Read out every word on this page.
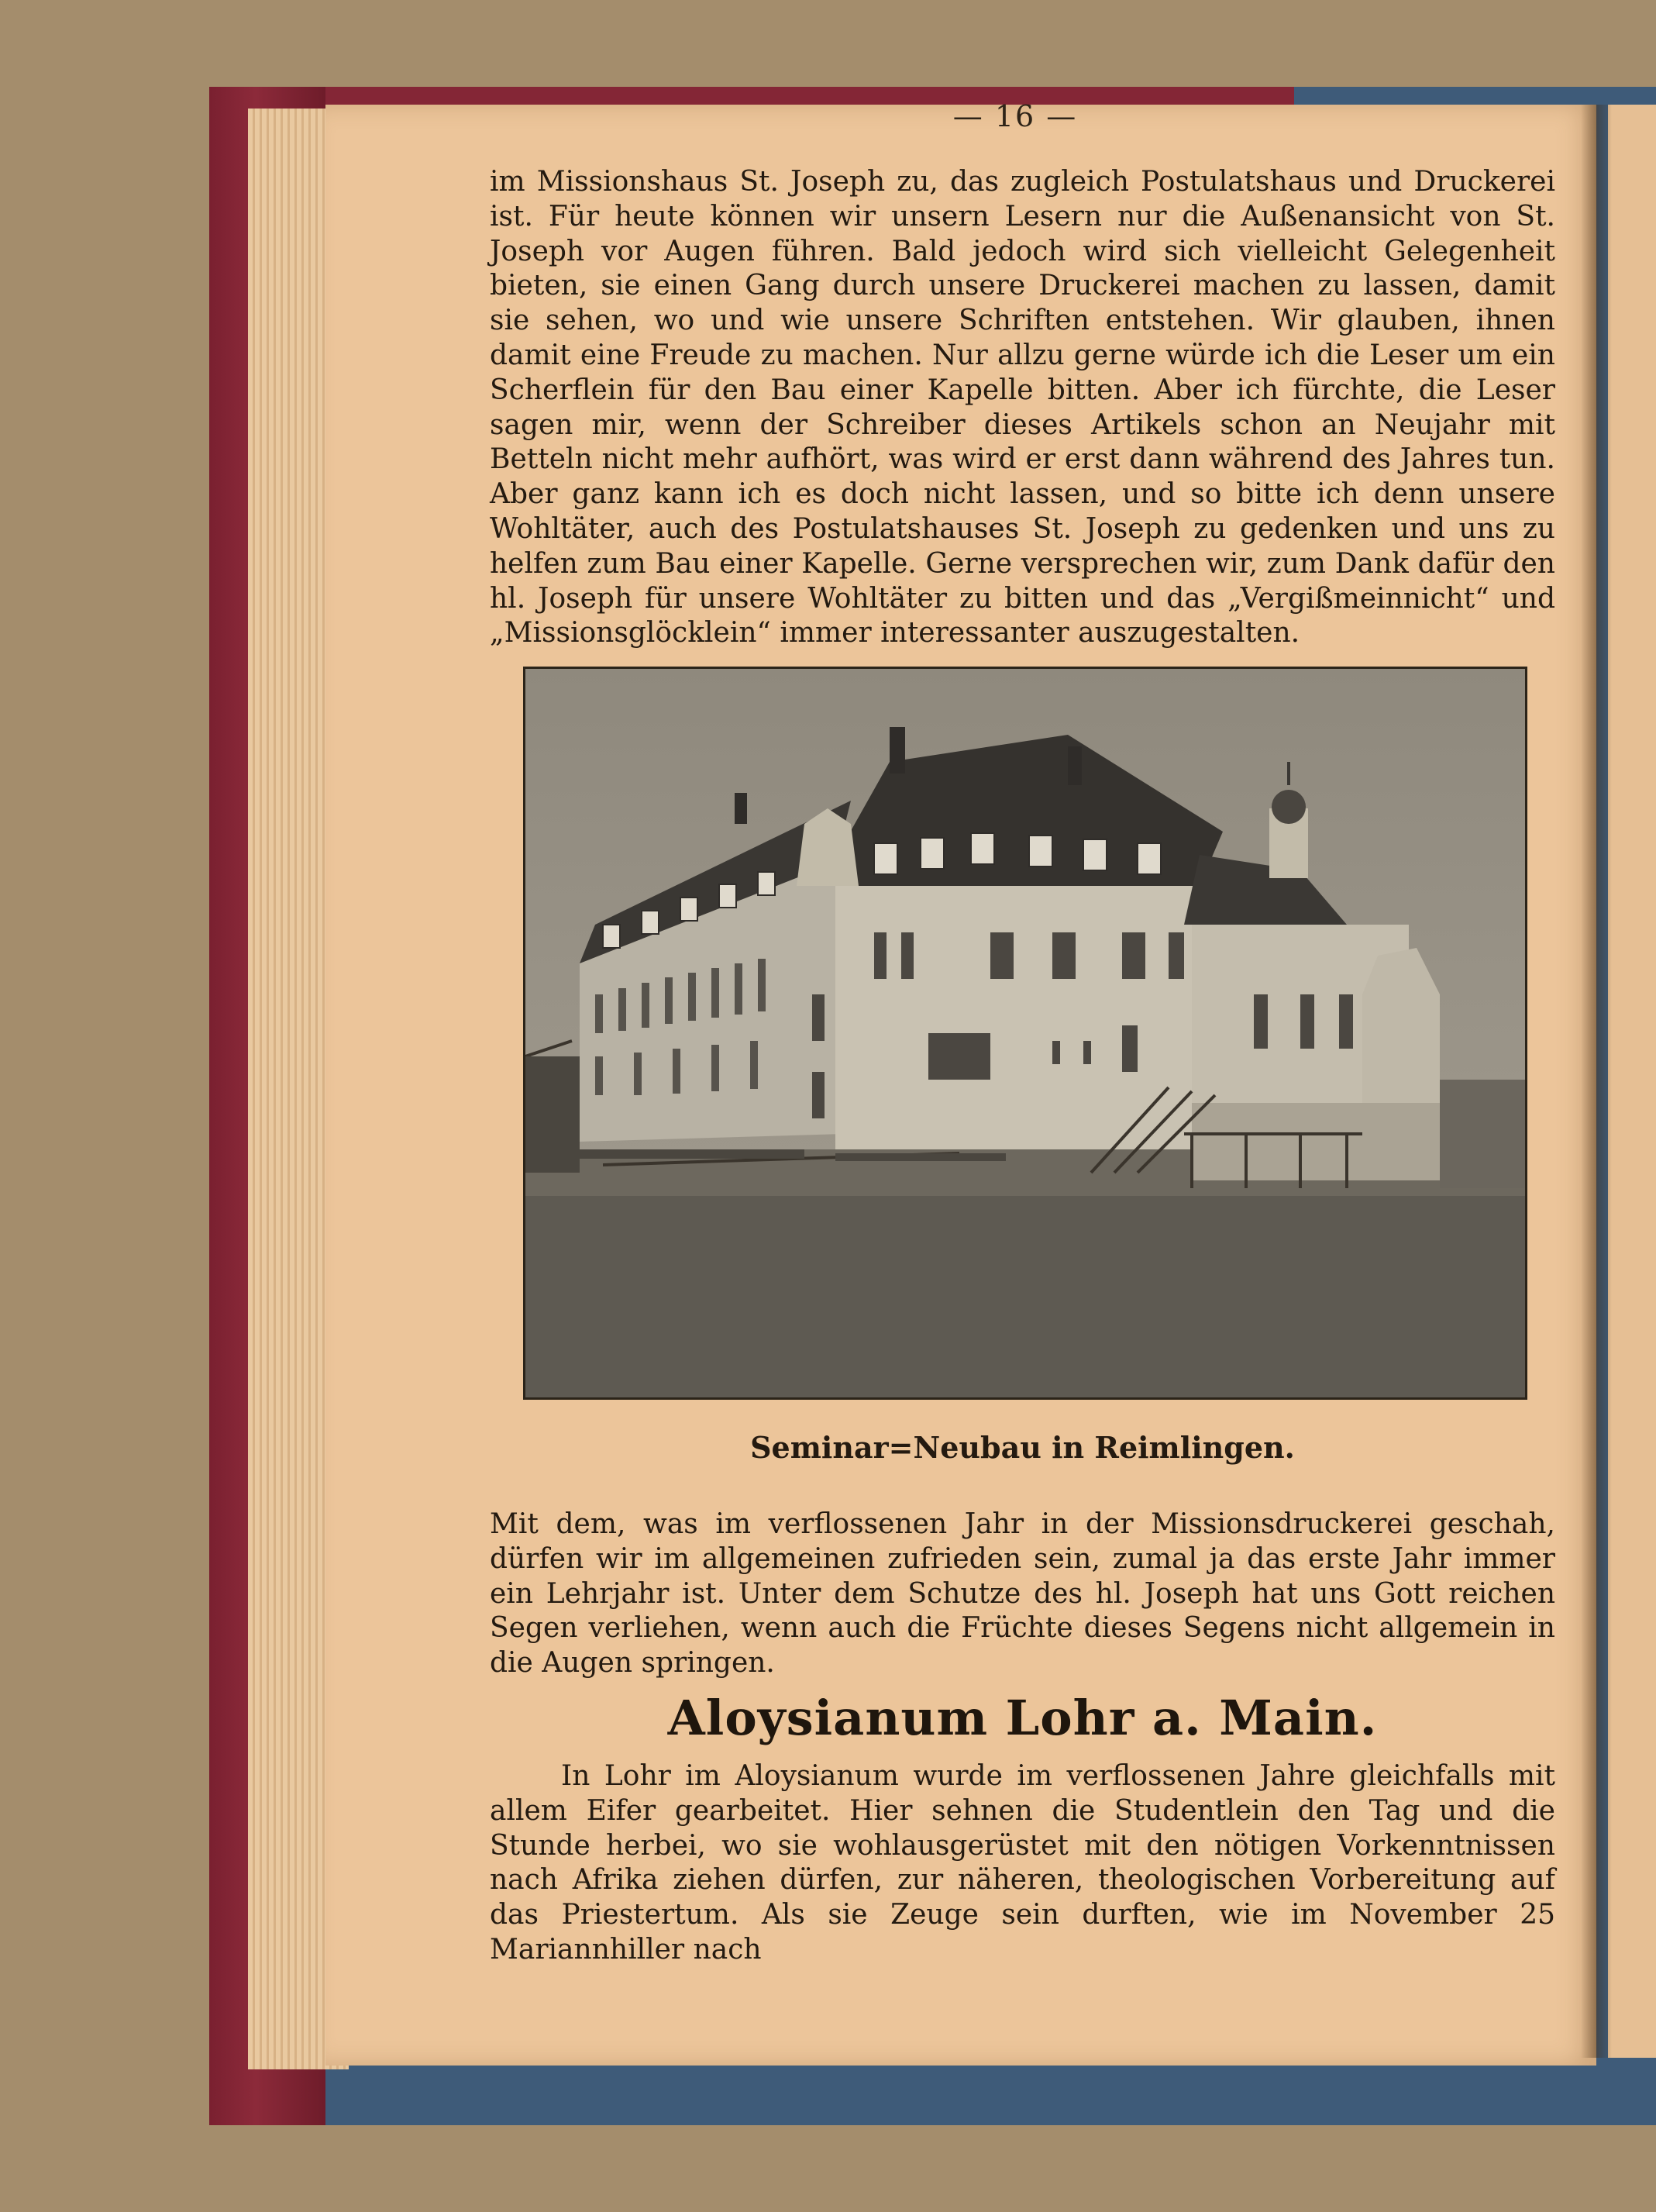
— 16 —

im Missionshaus St. Joseph zu, das zugleich Postulatshaus und Druckerei ist. Für heute können wir unsern Lesern nur die Außenansicht von St. Joseph vor Augen führen. Bald jedoch wird sich vielleicht Gelegenheit bieten, sie einen Gang durch unsere Druckerei machen zu lassen, damit sie sehen, wo und wie unsere Schriften entstehen. Wir glauben, ihnen damit eine Freude zu machen. Nur allzu gerne würde ich die Leser um ein Scherflein für den Bau einer Kapelle bitten. Aber ich fürchte, die Leser sagen mir, wenn der Schreiber dieses Artikels schon an Neujahr mit Betteln nicht mehr aufhört, was wird er erst dann während des Jahres tun. Aber ganz kann ich es doch nicht lassen, und so bitte ich denn unsere Wohltäter, auch des Postulatshauses St. Joseph zu gedenken und uns zu helfen zum Bau einer Kapelle. Gerne versprechen wir, zum Dank dafür den hl. Joseph für unsere Wohltäter zu bitten und das „Vergißmeinnicht“ und „Missionsglöcklein“ immer interessanter auszugestalten.

Seminar=Neubau in Reimlingen.

Mit dem, was im verflossenen Jahr in der Missionsdruckerei geschah, dürfen wir im allgemeinen zufrieden sein, zumal ja das erste Jahr immer ein Lehrjahr ist. Unter dem Schutze des hl. Joseph hat uns Gott reichen Segen verliehen, wenn auch die Früchte dieses Segens nicht allgemein in die Augen springen.

Aloysianum Lohr a. Main.

In Lohr im Aloysianum wurde im verflossenen Jahre gleichfalls mit allem Eifer gearbeitet. Hier sehnen die Studentlein den Tag und die Stunde herbei, wo sie wohlausgerüstet mit den nötigen Vorkenntnissen nach Afrika ziehen dürfen, zur näheren, theologischen Vorbereitung auf das Priestertum. Als sie Zeuge sein durften, wie im November 25 Mariannhiller nach
